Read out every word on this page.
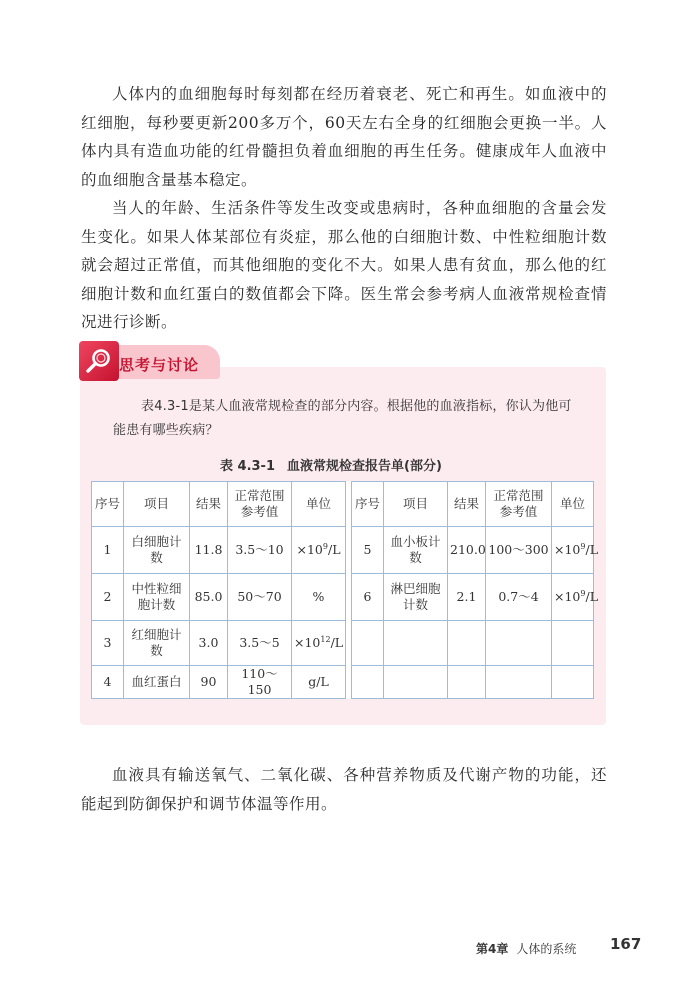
人体内的血细胞每时每刻都在经历着衰老、死亡和再生。如血液中的红细胞，每秒要更新200多万个，60天左右全身的红细胞会更换一半。人体内具有造血功能的红骨髓担负着血细胞的再生任务。健康成年人血液中的血细胞含量基本稳定。

当人的年龄、生活条件等发生改变或患病时，各种血细胞的含量会发生变化。如果人体某部位有炎症，那么他的白细胞计数、中性粒细胞计数就会超过正常值，而其他细胞的变化不大。如果人患有贫血，那么他的红细胞计数和血红蛋白的数值都会下降。医生常会参考病人血液常规检查情况进行诊断。

思考与讨论

表4.3-1是某人血液常规检查的部分内容。根据他的血液指标，你认为他可能患有哪些疾病？

表 4.3-1 血液常规检查报告单(部分)
序号	项目	结果	正常范围参考值	单位		序号	项目	结果	正常范围参考值	单位
1	白细胞计数	11.8	3.5～10	$\times 10^9/L$		5	血小板计数	210.0	100～300	$\times 10^9/L$
2	中性粒细胞计数	85.0	50～70	%		6	淋巴细胞计数	2.1	0.7～4	$\times 10^9/L$
3	红细胞计数	3.0	3.5～5	$\times 10^{12}/L$						
4	血红蛋白	90	110～150	g/L						

血液具有输送氧气、二氧化碳、各种营养物质及代谢产物的功能，还能起到防御保护和调节体温等作用。

第4章 人体的系统 167
